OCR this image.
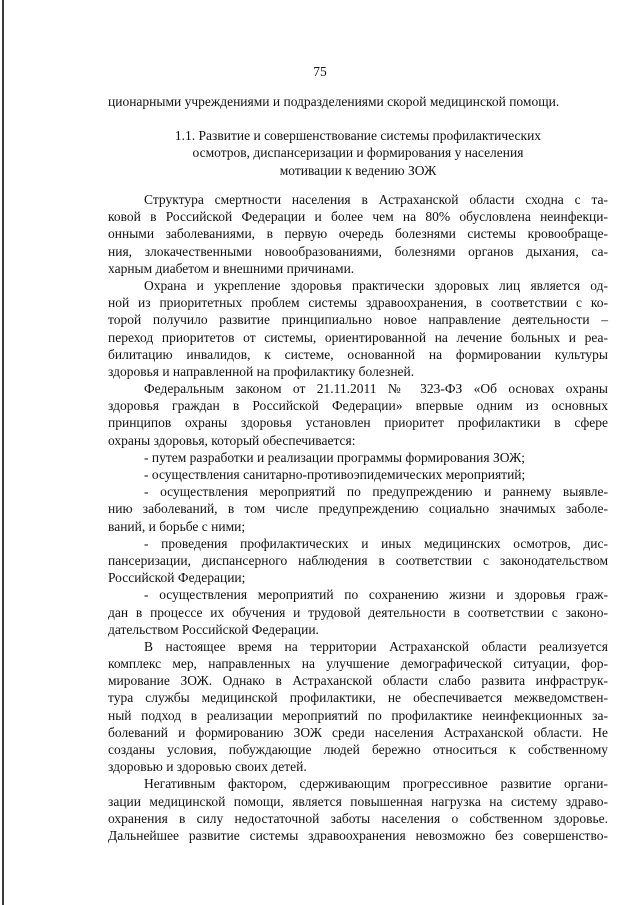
75
ционарными учреждениями и подразделениями скорой медицинской помощи.
1.1. Развитие и совершенствование системы профилактических
осмотров, диспансеризации и формирования у населения
мотивации к ведению ЗОЖ
Структура смертности населения в Астраханской области сходна с та-
ковой в Российской Федерации и более чем на 80% обусловлена неинфекци-
онными заболеваниями, в первую очередь болезнями системы кровообраще-
ния, злокачественными новообразованиями, болезнями органов дыхания, са-
харным диабетом и внешними причинами.
Охрана и укрепление здоровья практически здоровых лиц является од-
ной из приоритетных проблем системы здравоохранения, в соответствии с ко-
торой получило развитие принципиально новое направление деятельности –
переход приоритетов от системы, ориентированной на лечение больных и реа-
билитацию инвалидов, к системе, основанной на формировании культуры
здоровья и направленной на профилактику болезней.
Федеральным законом от 21.11.2011 № 323-ФЗ «Об основах охраны
здоровья граждан в Российской Федерации» впервые одним из основных
принципов охраны здоровья установлен приоритет профилактики в сфере
охраны здоровья, который обеспечивается:
- путем разработки и реализации программы формирования ЗОЖ;
- осуществления санитарно-противоэпидемических мероприятий;
- осуществления мероприятий по предупреждению и раннему выявле-
нию заболеваний, в том числе предупреждению социально значимых заболе-
ваний, и борьбе с ними;
- проведения профилактических и иных медицинских осмотров, дис-
пансеризации, диспансерного наблюдения в соответствии с законодательством
Российской Федерации;
- осуществления мероприятий по сохранению жизни и здоровья граж-
дан в процессе их обучения и трудовой деятельности в соответствии с законо-
дательством Российской Федерации.
В настоящее время на территории Астраханской области реализуется
комплекс мер, направленных на улучшение демографической ситуации, фор-
мирование ЗОЖ. Однако в Астраханской области слабо развита инфраструк-
тура службы медицинской профилактики, не обеспечивается межведомствен-
ный подход в реализации мероприятий по профилактике неинфекционных за-
болеваний и формированию ЗОЖ среди населения Астраханской области. Не
созданы условия, побуждающие людей бережно относиться к собственному
здоровью и здоровью своих детей.
Негативным фактором, сдерживающим прогрессивное развитие органи-
зации медицинской помощи, является повышенная нагрузка на систему здраво-
охранения в силу недостаточной заботы населения о собственном здоровье.
Дальнейшее развитие системы здравоохранения невозможно без совершенство-
